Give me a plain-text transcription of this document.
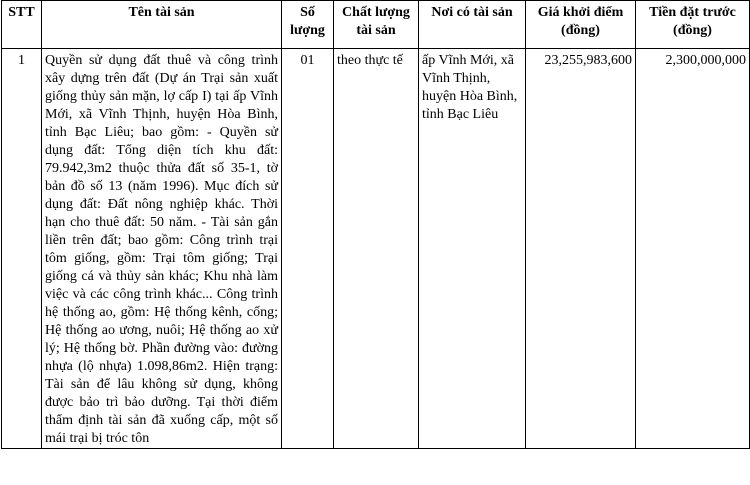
STT	Tên tài sản	Số lượng	Chất lượng tài sản	Nơi có tài sản	Giá khởi điểm (đồng)	Tiền đặt trước (đồng)
1	Quyền sử dụng đất thuê và công trình xây dựng trên đất (Dự án Trại sản xuất giống thủy sản mặn, lợ cấp I) tại ấp Vĩnh Mới, xã Vĩnh Thịnh, huyện Hòa Bình, tỉnh Bạc Liêu; bao gồm: - Quyền sử dụng đất: Tổng diện tích khu đất: 79.942,3m2 thuộc thửa đất số 35-1, tờ bản đồ số 13 (năm 1996). Mục đích sử dụng đất: Đất nông nghiệp khác. Thời hạn cho thuê đất: 50 năm. - Tài sản gắn liền trên đất; bao gồm: Công trình trại tôm giống, gồm: Trại tôm giống; Trại giống cá và thủy sản khác; Khu nhà làm việc và các công trình khác... Công trình hệ thống ao, gồm: Hệ thống kênh, cống; Hệ thống ao ương, nuôi; Hệ thống ao xử lý; Hệ thống bờ. Phần đường vào: đường nhựa (lộ nhựa) 1.098,86m2. Hiện trạng: Tài sản để lâu không sử dụng, không được bảo trì bảo dưỡng. Tại thời điểm thẩm định tài sản đã xuống cấp, một số mái trại bị tróc tôn	01	theo thực tế	ấp Vĩnh Mới, xã Vĩnh Thịnh, huyện Hòa Bình, tỉnh Bạc Liêu	23,255,983,600	2,300,000,000
